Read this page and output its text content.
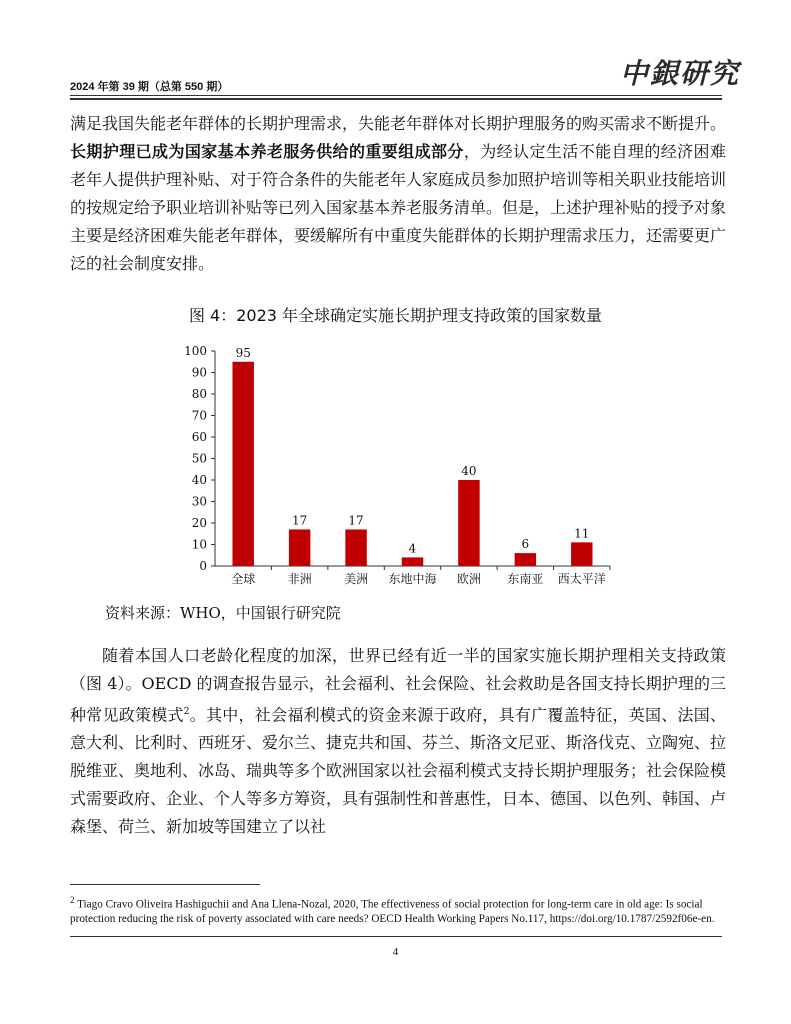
2024 年第 39 期（总第 550 期）	中銀研究
满足我国失能老年群体的长期护理需求，失能老年群体对长期护理服务的购买需求不断提升。长期护理已成为国家基本养老服务供给的重要组成部分，为经认定生活不能自理的经济困难老年人提供护理补贴、对于符合条件的失能老年人家庭成员参加照护培训等相关职业技能培训的按规定给予职业培训补贴等已列入国家基本养老服务清单。但是，上述护理补贴的授予对象主要是经济困难失能老年群体，要缓解所有中重度失能群体的长期护理需求压力，还需要更广泛的社会制度安排。
图 4：2023 年全球确定实施长期护理支持政策的国家数量
0
10
20
30
40
50
60
70
80
90
100 95
全球
17
非洲
17
美洲
4
东地中海
40
欧洲
6
东南亚
11
西太平洋
资料来源：WHO，中国银行研究院
随着本国人口老龄化程度的加深，世界已经有近一半的国家实施长期护理相关支持政策（图 4）。OECD 的调查报告显示，社会福利、社会保险、社会救助是各国支持长期护理的三种常见政策模式$^2$。其中，社会福利模式的资金来源于政府，具有广覆盖特征，英国、法国、意大利、比利时、西班牙、爱尔兰、捷克共和国、芬兰、斯洛文尼亚、斯洛伐克、立陶宛、拉脱维亚、奥地利、冰岛、瑞典等多个欧洲国家以社会福利模式支持长期护理服务；社会保险模式需要政府、企业、个人等多方筹资，具有强制性和普惠性，日本、德国、以色列、韩国、卢森堡、荷兰、新加坡等国建立了以社
$^2$ Tiago Cravo Oliveira Hashiguchii and Ana Llena-Nozal, 2020, The effectiveness of social protection for long-term care in old age: Is social protection reducing the risk of poverty associated with care needs? OECD Health Working Papers No.117, https://doi.org/10.1787/2592f06e-en.
4
